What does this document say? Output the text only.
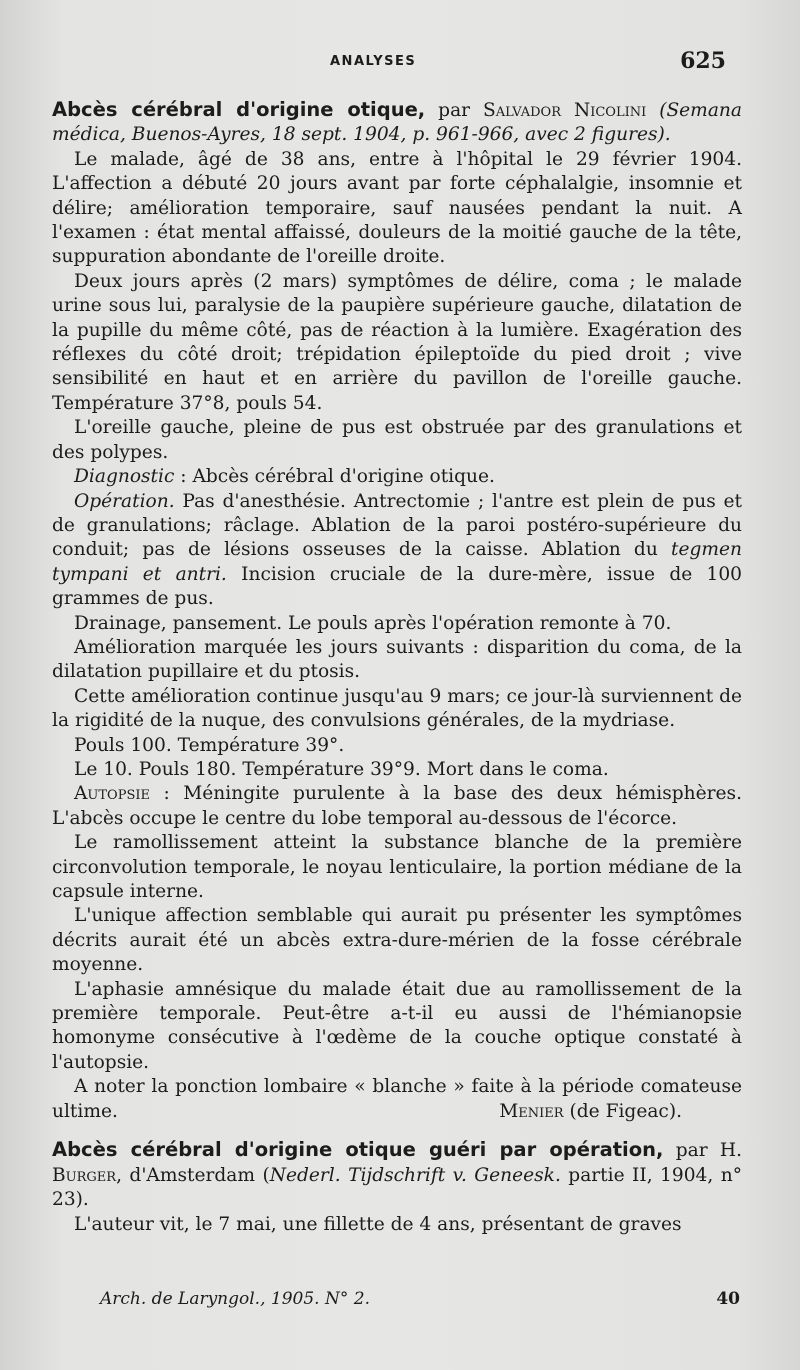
ANALYSES	625

Abcès cérébral d'origine otique, par Salvador Nicolini (Semana médica, Buenos-Ayres, 18 sept. 1904, p. 961-966, avec 2 figures).

Le malade, âgé de 38 ans, entre à l'hôpital le 29 février 1904. L'affection a débuté 20 jours avant par forte céphalalgie, insomnie et délire; amélioration temporaire, sauf nausées pendant la nuit. A l'examen : état mental affaissé, douleurs de la moitié gauche de la tête, suppuration abondante de l'oreille droite.

Deux jours après (2 mars) symptômes de délire, coma ; le malade urine sous lui, paralysie de la paupière supérieure gauche, dilatation de la pupille du même côté, pas de réaction à la lumière. Exagération des réflexes du côté droit; trépidation épileptoïde du pied droit ; vive sensibilité en haut et en arrière du pavillon de l'oreille gauche. Température 37°8, pouls 54.

L'oreille gauche, pleine de pus est obstruée par des granulations et des polypes.

Diagnostic : Abcès cérébral d'origine otique.

Opération. Pas d'anesthésie. Antrectomie ; l'antre est plein de pus et de granulations; râclage. Ablation de la paroi postéro-supérieure du conduit; pas de lésions osseuses de la caisse. Ablation du tegmen tympani et antri. Incision cruciale de la dure-mère, issue de 100 grammes de pus.

Drainage, pansement. Le pouls après l'opération remonte à 70.

Amélioration marquée les jours suivants : disparition du coma, de la dilatation pupillaire et du ptosis.

Cette amélioration continue jusqu'au 9 mars; ce jour-là surviennent de la rigidité de la nuque, des convulsions générales, de la mydriase.

Pouls 100. Température 39°.

Le 10. Pouls 180. Température 39°9. Mort dans le coma.

Autopsie : Méningite purulente à la base des deux hémisphères. L'abcès occupe le centre du lobe temporal au-dessous de l'écorce.

Le ramollissement atteint la substance blanche de la première circonvolution temporale, le noyau lenticulaire, la portion médiane de la capsule interne.

L'unique affection semblable qui aurait pu présenter les symptômes décrits aurait été un abcès extra-dure-mérien de la fosse cérébrale moyenne.

L'aphasie amnésique du malade était due au ramollissement de la première temporale. Peut-être a-t-il eu aussi de l'hémianopsie homonyme consécutive à l'œdème de la couche optique constaté à l'autopsie.

A noter la ponction lombaire « blanche » faite à la période comateuse ultime.	Menier (de Figeac).

Abcès cérébral d'origine otique guéri par opération, par H. Burger, d'Amsterdam (Nederl. Tijdschrift v. Geneesk. partie II, 1904, n° 23).

L'auteur vit, le 7 mai, une fillette de 4 ans, présentant de graves

Arch. de Laryngol., 1905. N° 2.	40
